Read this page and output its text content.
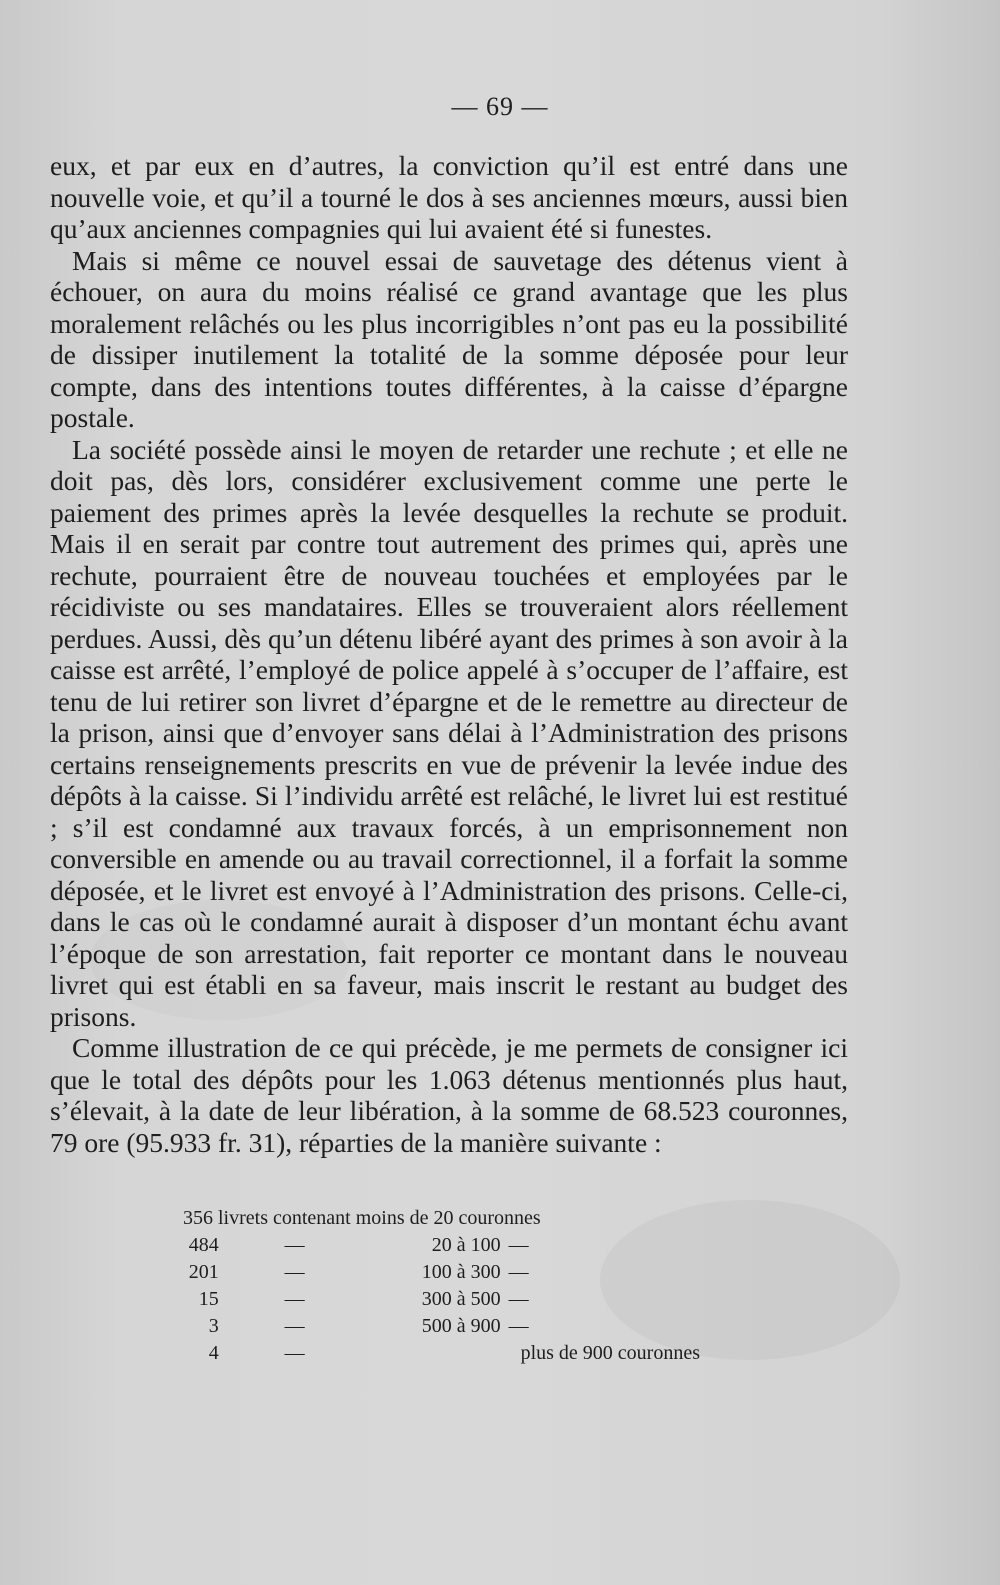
— 69 —

eux, et par eux en d’autres, la conviction qu’il est entré dans une nouvelle voie, et qu’il a tourné le dos à ses anciennes mœurs, aussi bien qu’aux anciennes compagnies qui lui avaient été si funestes.

Mais si même ce nouvel essai de sauvetage des détenus vient à échouer, on aura du moins réalisé ce grand avantage que les plus moralement relâchés ou les plus incorrigibles n’ont pas eu la possibilité de dissiper inutilement la totalité de la somme déposée pour leur compte, dans des intentions toutes différentes, à la caisse d’épargne postale.

La société possède ainsi le moyen de retarder une rechute ; et elle ne doit pas, dès lors, considérer exclusivement comme une perte le paiement des primes après la levée desquelles la rechute se produit. Mais il en serait par contre tout autrement des primes qui, après une rechute, pourraient être de nouveau touchées et employées par le récidiviste ou ses mandataires. Elles se trouveraient alors réellement perdues. Aussi, dès qu’un détenu libéré ayant des primes à son avoir à la caisse est arrêté, l’employé de police appelé à s’occuper de l’affaire, est tenu de lui retirer son livret d’épargne et de le remettre au directeur de la prison, ainsi que d’envoyer sans délai à l’Administration des prisons certains renseignements prescrits en vue de prévenir la levée indue des dépôts à la caisse. Si l’individu arrêté est relâché, le livret lui est restitué ; s’il est condamné aux travaux forcés, à un emprisonnement non conversible en amende ou au travail correctionnel, il a forfait la somme déposée, et le livret est envoyé à l’Administration des prisons. Celle-ci, dans le cas où le condamné aurait à disposer d’un montant échu avant l’époque de son arrestation, fait reporter ce montant dans le nouveau livret qui est établi en sa faveur, mais inscrit le restant au budget des prisons.

Comme illustration de ce qui précède, je me permets de consigner ici que le total des dépôts pour les 1.063 détenus mentionnés plus haut, s’élevait, à la date de leur libération, à la somme de 68.523 couronnes, 79 ore (95.933 fr. 31), réparties de la manière suivante :

356 livrets contenant moins de 20 couronnes
484	—	20 à 100	—
201	—	100 à 300	—
15	—	300 à 500	—
3	—	500 à 900	—
4	—	plus de 900 couronnes	
